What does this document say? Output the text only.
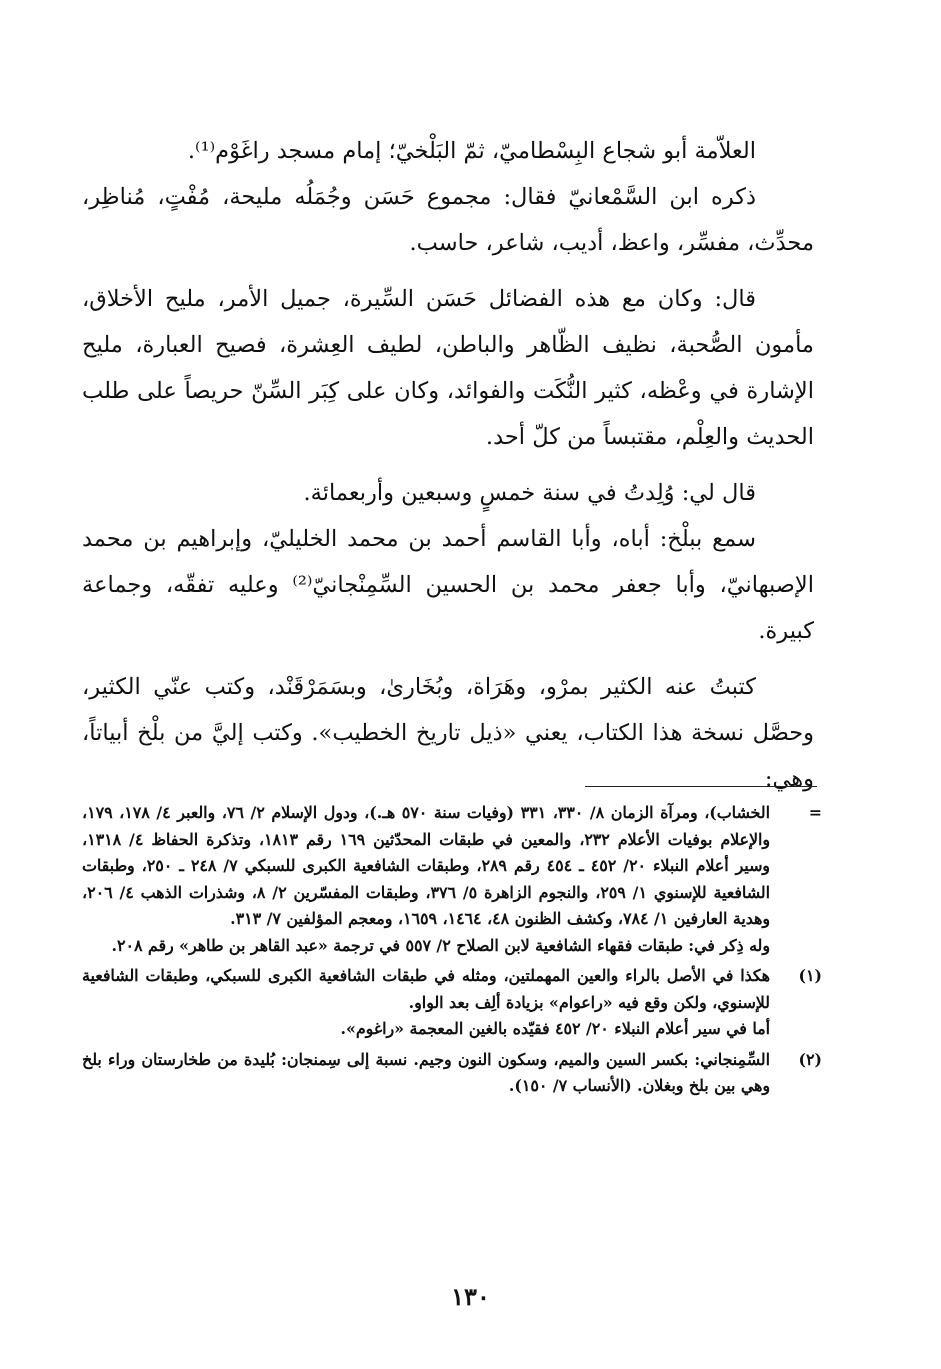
العلاّمة أبو شجاع البِسْطاميّ، ثمّ البَلْخيّ؛ إمام مسجد راغَوْم⁽¹⁾.

ذكره ابن السَّمْعانيّ فقال: مجموع حَسَن وجُمَلُه مليحة، مُفْتٍ، مُناظِر، محدِّث، مفسِّر، واعظ، أديب، شاعر، حاسب.

قال: وكان مع هذه الفضائل حَسَن السِّيرة، جميل الأمر، مليح الأخلاق، مأمون الصُّحبة، نظيف الظّاهر والباطن، لطيف العِشرة، فصيح العبارة، مليح الإشارة في وعْظه، كثير النُّكَت والفوائد، وكان على كِبَر السِّنّ حريصاً على طلب الحديث والعِلْم، مقتبساً من كلّ أحد.

قال لي: وُلِدتُ في سنة خمسٍ وسبعين وأربعمائة.

سمع ببلْخ: أباه، وأبا القاسم أحمد بن محمد الخليليّ، وإبراهيم بن محمد الإصبهانيّ، وأبا جعفر محمد بن الحسين السِّمِنْجانيّ⁽²⁾ وعليه تفقّه، وجماعة كبيرة.

كتبتُ عنه الكثير بمرْو، وهَرَاة، وبُخَارىٰ، وبسَمَرْقَنْد، وكتب عنّي الكثير، وحصَّل نسخة هذا الكتاب، يعني «ذيل تاريخ الخطيب». وكتب إليَّ من بلْخ أبياتاً، وهي:

=

الخشاب)، ومرآة الزمان ٨/ ٣٣٠، ٣٣١ (وفيات سنة ٥٧٠ هـ.)، ودول الإسلام ٢/ ٧٦، والعبر ٤/ ١٧٨، ١٧٩، والإعلام بوفيات الأعلام ٢٣٢، والمعين في طبقات المحدّثين ١٦٩ رقم ١٨١٣، وتذكرة الحفاظ ٤/ ١٣١٨، وسير أعلام النبلاء ٢٠/ ٤٥٢ ـ ٤٥٤ رقم ٢٨٩، وطبقات الشافعية الكبرى للسبكي ٧/ ٢٤٨ ـ ٢٥٠، وطبقات الشافعية للإسنوي ١/ ٢٥٩، والنجوم الزاهرة ٥/ ٣٧٦، وطبقات المفسّرين ٢/ ٨، وشذرات الذهب ٤/ ٢٠٦، وهدية العارفين ١/ ٧٨٤، وكشف الظنون ٤٨، ١٤٦٤، ١٦٥٩، ومعجم المؤلفين ٧/ ٣١٣.

وله ذِكر في: طبقات فقهاء الشافعية لابن الصلاح ٢/ ٥٥٧ في ترجمة «عبد القاهر بن طاهر» رقم ٢٠٨.

(١)

هكذا في الأصل بالراء والعين المهملتين، ومثله في طبقات الشافعية الكبرى للسبكي، وطبقات الشافعية للإسنوي، ولكن وقع فيه «راعوام» بزيادة ألِف بعد الواو.

أما في سير أعلام النبلاء ٢٠/ ٤٥٢ فقيّده بالغين المعجمة «راغوم».

(٢)

السِّمِنجاني: بكسر السين والميم، وسكون النون وجيم. نسبة إلى سِمنجان: بُليدة من طخارستان وراء بلخ وهي بين بلخ وبغلان. (الأنساب ٧/ ١٥٠).

١٣٠
